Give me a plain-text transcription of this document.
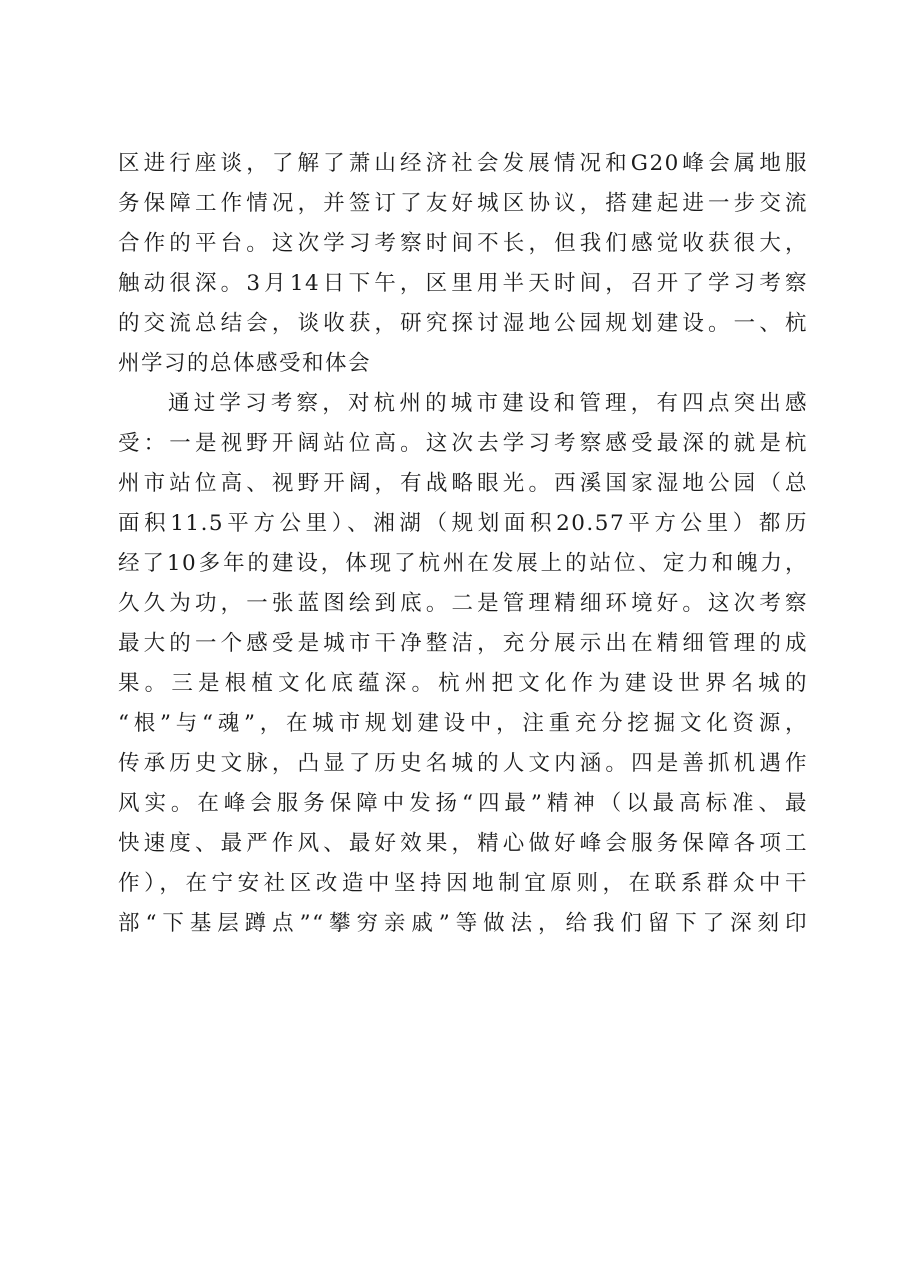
区进行座谈，了解了萧山经济社会发展情况和G20峰会属地服
务保障工作情况，并签订了友好城区协议，搭建起进一步交流
合作的平台。这次学习考察时间不长，但我们感觉收获很大，
触动很深。3月14日下午，区里用半天时间，召开了学习考察
的交流总结会，谈收获，研究探讨湿地公园规划建设。一、杭
州学习的总体感受和体会
通过学习考察，对杭州的城市建设和管理，有四点突出感
受：一是视野开阔站位高。这次去学习考察感受最深的就是杭
州市站位高、视野开阔，有战略眼光。西溪国家湿地公园（总
面积11.5平方公里）、湘湖（规划面积20.57平方公里）都历
经了10多年的建设，体现了杭州在发展上的站位、定力和魄力，
久久为功，一张蓝图绘到底。二是管理精细环境好。这次考察
最大的一个感受是城市干净整洁，充分展示出在精细管理的成
果。三是根植文化底蕴深。杭州把文化作为建设世界名城的
“根”与“魂”，在城市规划建设中，注重充分挖掘文化资源，
传承历史文脉，凸显了历史名城的人文内涵。四是善抓机遇作
风实。在峰会服务保障中发扬“四最”精神（以最高标准、最
快速度、最严作风、最好效果，精心做好峰会服务保障各项工
作），在宁安社区改造中坚持因地制宜原则，在联系群众中干
部“下基层蹲点”“攀穷亲戚”等做法，给我们留下了深刻印
